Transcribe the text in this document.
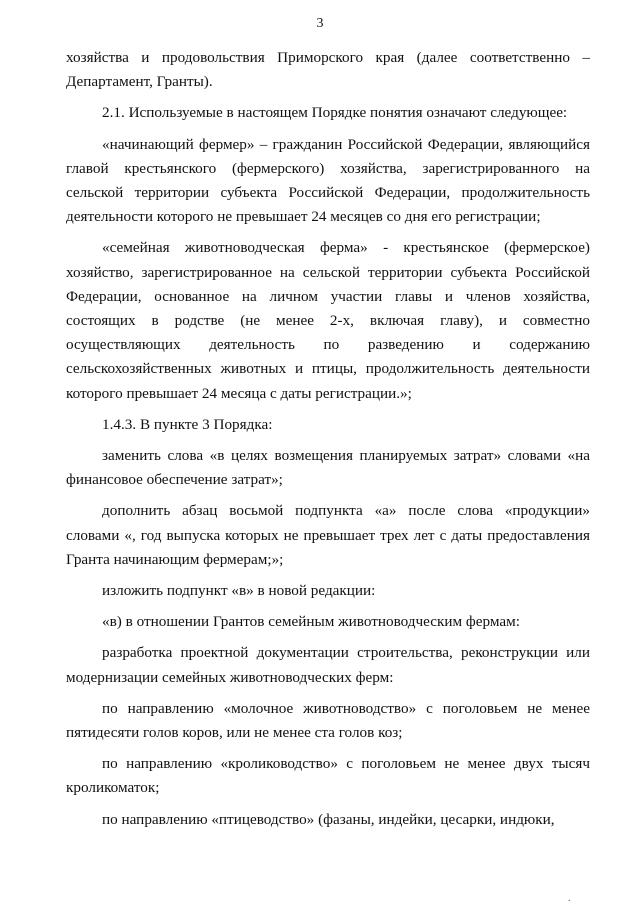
3

хозяйства и продовольствия Приморского края (далее соответственно – Департамент, Гранты).

2.1. Используемые в настоящем Порядке понятия означают следующее:

«начинающий фермер» – гражданин Российской Федерации, являющийся главой крестьянского (фермерского) хозяйства, зарегистрированного на сельской территории субъекта Российской Федерации, продолжительность деятельности которого не превышает 24 месяцев со дня его регистрации;

«семейная животноводческая ферма» - крестьянское (фермерское) хозяйство, зарегистрированное на сельской территории субъекта Российской Федерации, основанное на личном участии главы и членов хозяйства, состоящих в родстве (не менее 2-х, включая главу), и совместно осуществляющих деятельность по разведению и содержанию сельскохозяйственных животных и птицы, продолжительность деятельности которого превышает 24 месяца с даты регистрации.»;

1.4.3. В пункте 3 Порядка:

заменить слова «в целях возмещения планируемых затрат» словами «на финансовое обеспечение затрат»;

дополнить абзац восьмой подпункта «а» после слова «продукции» словами «, год выпуска которых не превышает трех лет с даты предоставления Гранта начинающим фермерам;»;

изложить подпункт «в» в новой редакции:

«в) в отношении Грантов семейным животноводческим фермам:

разработка проектной документации строительства, реконструкции или модернизации семейных животноводческих ферм:

по направлению «молочное животноводство» с поголовьем не менее пятидесяти голов коров, или не менее ста голов коз;

по направлению «кролиководство» с поголовьем не менее двух тысяч кроликоматок;

по направлению «птицеводство» (фазаны, индейки, цесарки, индюки,

.
